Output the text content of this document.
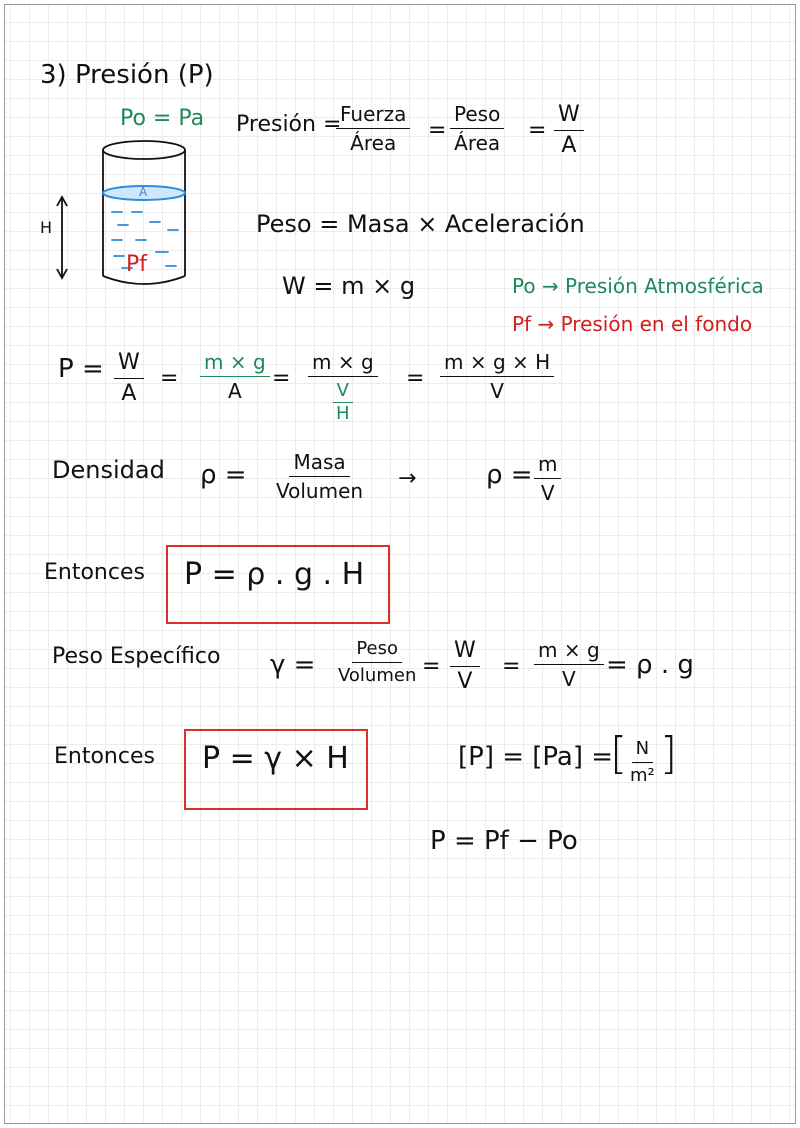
3) Presión (P)
Po = Pa
A
Pf
H
Presión =
Fuerza
Área =
Peso
Área = $\frac{W}{A}$
Peso = Masa × Aceleración
W = m × g	Po → Presión Atmosférica
Pf → Presión en el fondo
$P = \frac{W}{A} = \frac{m \times g}{A} = \frac{m \times g}{\frac{V}{H}} = \frac{m \times g \times H}{V}$
Densidad ρ = Masa
Volumen →	$\rho = \frac{m}{V}$
Entonces P = ρ . g . H
Peso Específico γ =
Peso
Volumen = $\frac{W}{V} = \frac{m \times g}{V} = \rho$ . g
Entonces P = γ × H	[P] = [Pa] =
[
$\frac{N}{\text{m²}}$ ]
P = Pf − Po
